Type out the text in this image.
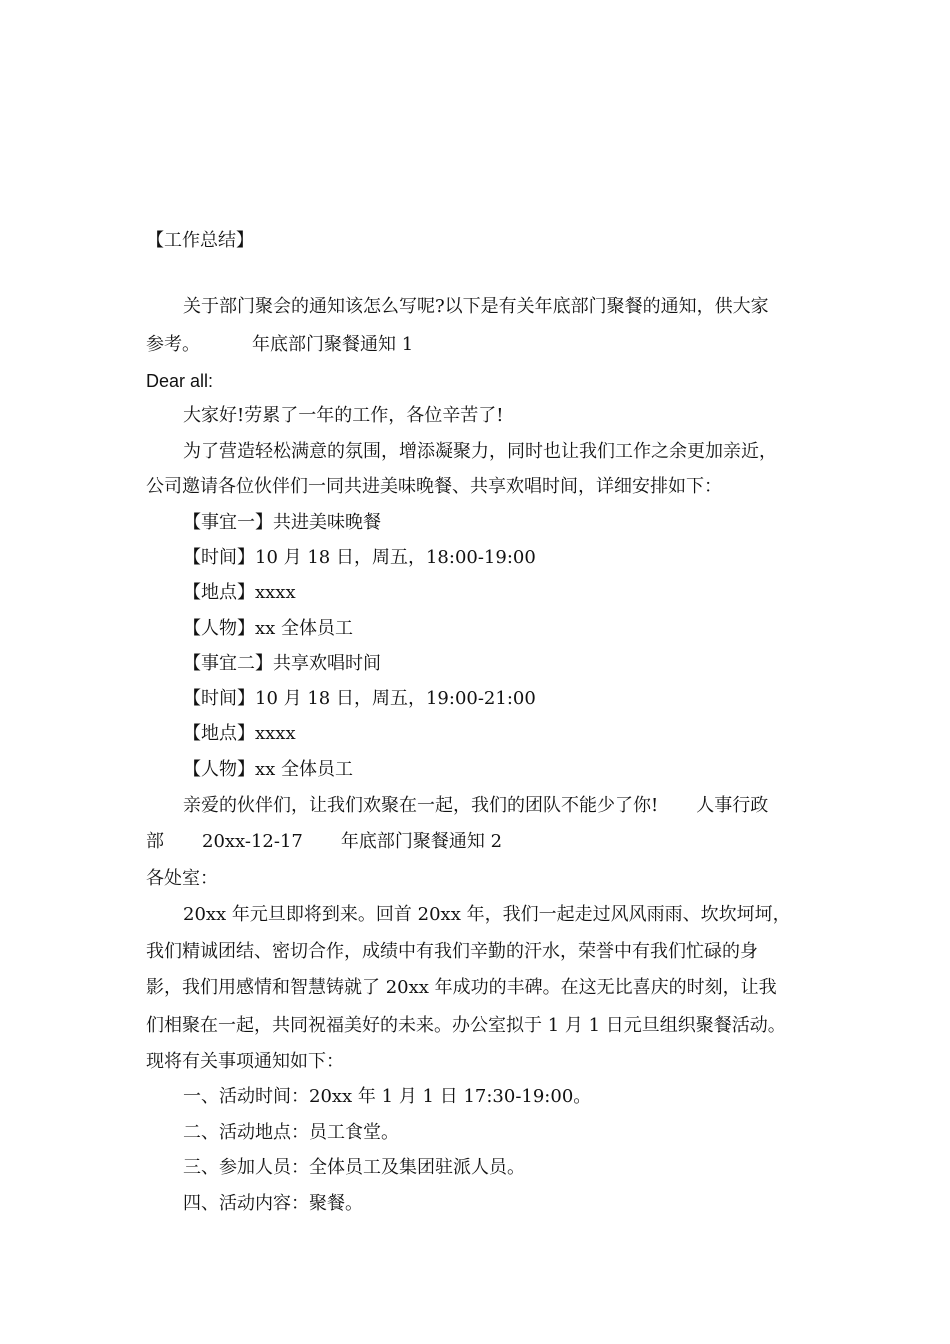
【工作总结】
关于部门聚会的通知该怎么写呢?以下是有关年底部门聚餐的通知，供大家
参考。	年底部门聚餐通知 1
Dear all:
大家好!劳累了一年的工作，各位辛苦了!
为了营造轻松满意的氛围，增添凝聚力，同时也让我们工作之余更加亲近，
公司邀请各位伙伴们一同共进美味晚餐、共享欢唱时间，详细安排如下：
【事宜一】共进美味晚餐
【时间】10 月 18 日，周五，18:00-19:00
【地点】xxxx
【人物】xx 全体员工
【事宜二】共享欢唱时间
【时间】10 月 18 日，周五，19:00-21:00
【地点】xxxx
【人物】xx 全体员工
亲爱的伙伴们，让我们欢聚在一起，我们的团队不能少了你! 人事行政
部 20xx-12-17 年底部门聚餐通知 2
各处室：
20xx 年元旦即将到来。回首 20xx 年，我们一起走过风风雨雨、坎坎坷坷，
我们精诚团结、密切合作，成绩中有我们辛勤的汗水，荣誉中有我们忙碌的身
影，我们用感情和智慧铸就了 20xx 年成功的丰碑。在这无比喜庆的时刻，让我
们相聚在一起，共同祝福美好的未来。办公室拟于 1 月 1 日元旦组织聚餐活动。
现将有关事项通知如下：
一、活动时间：20xx 年 1 月 1 日 17:30-19:00。
二、活动地点：员工食堂。
三、参加人员：全体员工及集团驻派人员。
四、活动内容：聚餐。
